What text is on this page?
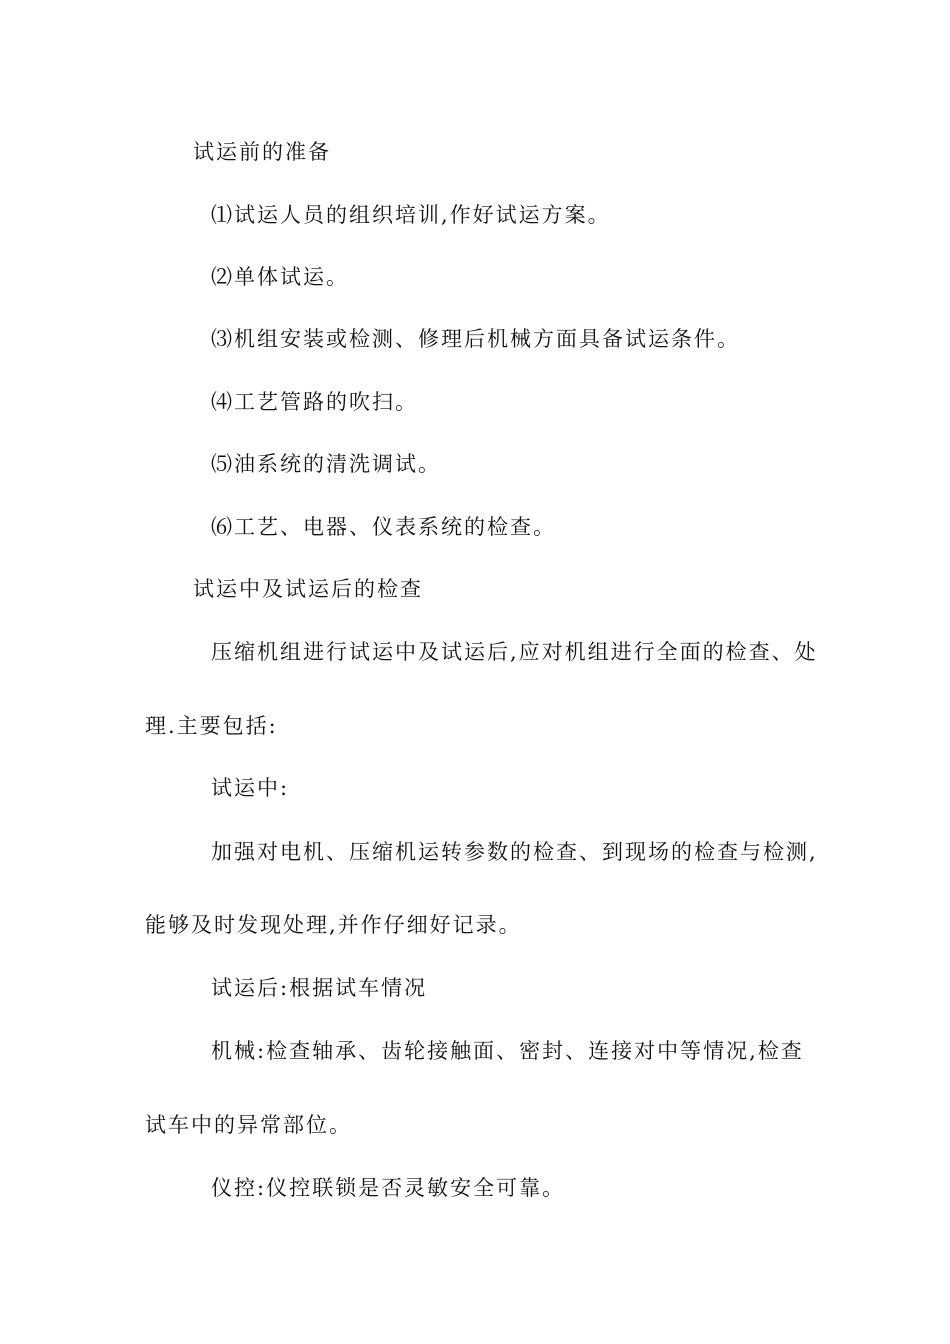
试运前的准备
⑴试运人员的组织培训,作好试运方案。
⑵单体试运。
⑶机组安装或检测、修理后机械方面具备试运条件。
⑷工艺管路的吹扫。
⑸油系统的清洗调试。
⑹工艺、电器、仪表系统的检查。
试运中及试运后的检查
压缩机组进行试运中及试运后,应对机组进行全面的检查、处
理.主要包括:
试运中:
加强对电机、压缩机运转参数的检查、到现场的检查与检测,
能够及时发现处理,并作仔细好记录。
试运后:根据试车情况
机械:检查轴承、齿轮接触面、密封、连接对中等情况,检查
试车中的异常部位。
仪控:仪控联锁是否灵敏安全可靠。
